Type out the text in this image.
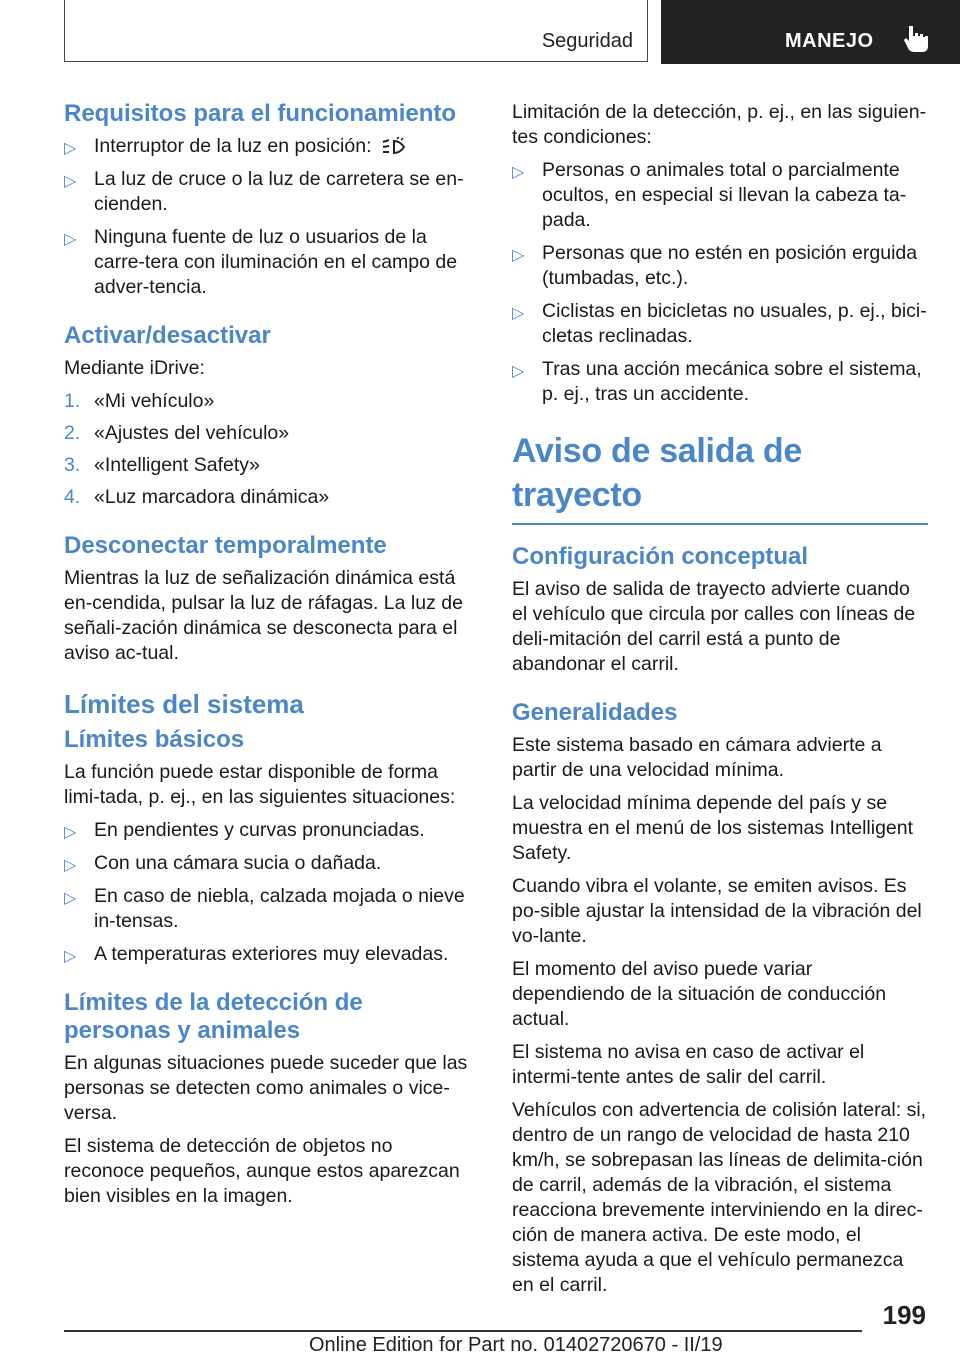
Seguridad	MANEJO
Requisitos para el funcionamiento
▷ Interruptor de la luz en posición:
▷ La luz de cruce o la luz de carretera se en-cienden.
▷ Ninguna fuente de luz o usuarios de la carre-tera con iluminación en el campo de adver-tencia.
Activar/desactivar

Mediante iDrive:

1. «Mi vehículo»
2. «Ajustes del vehículo»
3. «Intelligent Safety»
4. «Luz marcadora dinámica»
Desconectar temporalmente

Mientras la luz de señalización dinámica está en-cendida, pulsar la luz de ráfagas. La luz de señali-zación dinámica se desconecta para el aviso ac-tual.

Límites del sistema
Límites básicos

La función puede estar disponible de forma limi-tada, p. ej., en las siguientes situaciones:

▷ En pendientes y curvas pronunciadas.
▷ Con una cámara sucia o dañada.
▷ En caso de niebla, calzada mojada o nieve in-tensas.
▷ A temperaturas exteriores muy elevadas.
Límites de la detección de personas y animales

En algunas situaciones puede suceder que las personas se detecten como animales o vice-versa.

El sistema de detección de objetos no reconoce pequeños, aunque estos aparezcan bien visibles en la imagen.

Limitación de la detección, p. ej., en las siguien-tes condiciones:

▷ Personas o animales total o parcialmente ocultos, en especial si llevan la cabeza ta-pada.
▷ Personas que no estén en posición erguida (tumbadas, etc.).
▷ Ciclistas en bicicletas no usuales, p. ej., bici-cletas reclinadas.
▷ Tras una acción mecánica sobre el sistema, p. ej., tras un accidente.
Aviso de salida de trayecto
Configuración conceptual

El aviso de salida de trayecto advierte cuando el vehículo que circula por calles con líneas de deli-mitación del carril está a punto de abandonar el carril.

Generalidades

Este sistema basado en cámara advierte a partir de una velocidad mínima.

La velocidad mínima depende del país y se muestra en el menú de los sistemas Intelligent Safety.

Cuando vibra el volante, se emiten avisos. Es po-sible ajustar la intensidad de la vibración del vo-lante.

El momento del aviso puede variar dependiendo de la situación de conducción actual.

El sistema no avisa en caso de activar el intermi-tente antes de salir del carril.

Vehículos con advertencia de colisión lateral: si, dentro de un rango de velocidad de hasta 210 km/h, se sobrepasan las líneas de delimita-ción de carril, además de la vibración, el sistema reacciona brevemente interviniendo en la direc-ción de manera activa. De este modo, el sistema ayuda a que el vehículo permanezca en el carril.

199
Online Edition for Part no. 01402720670 - II/19
